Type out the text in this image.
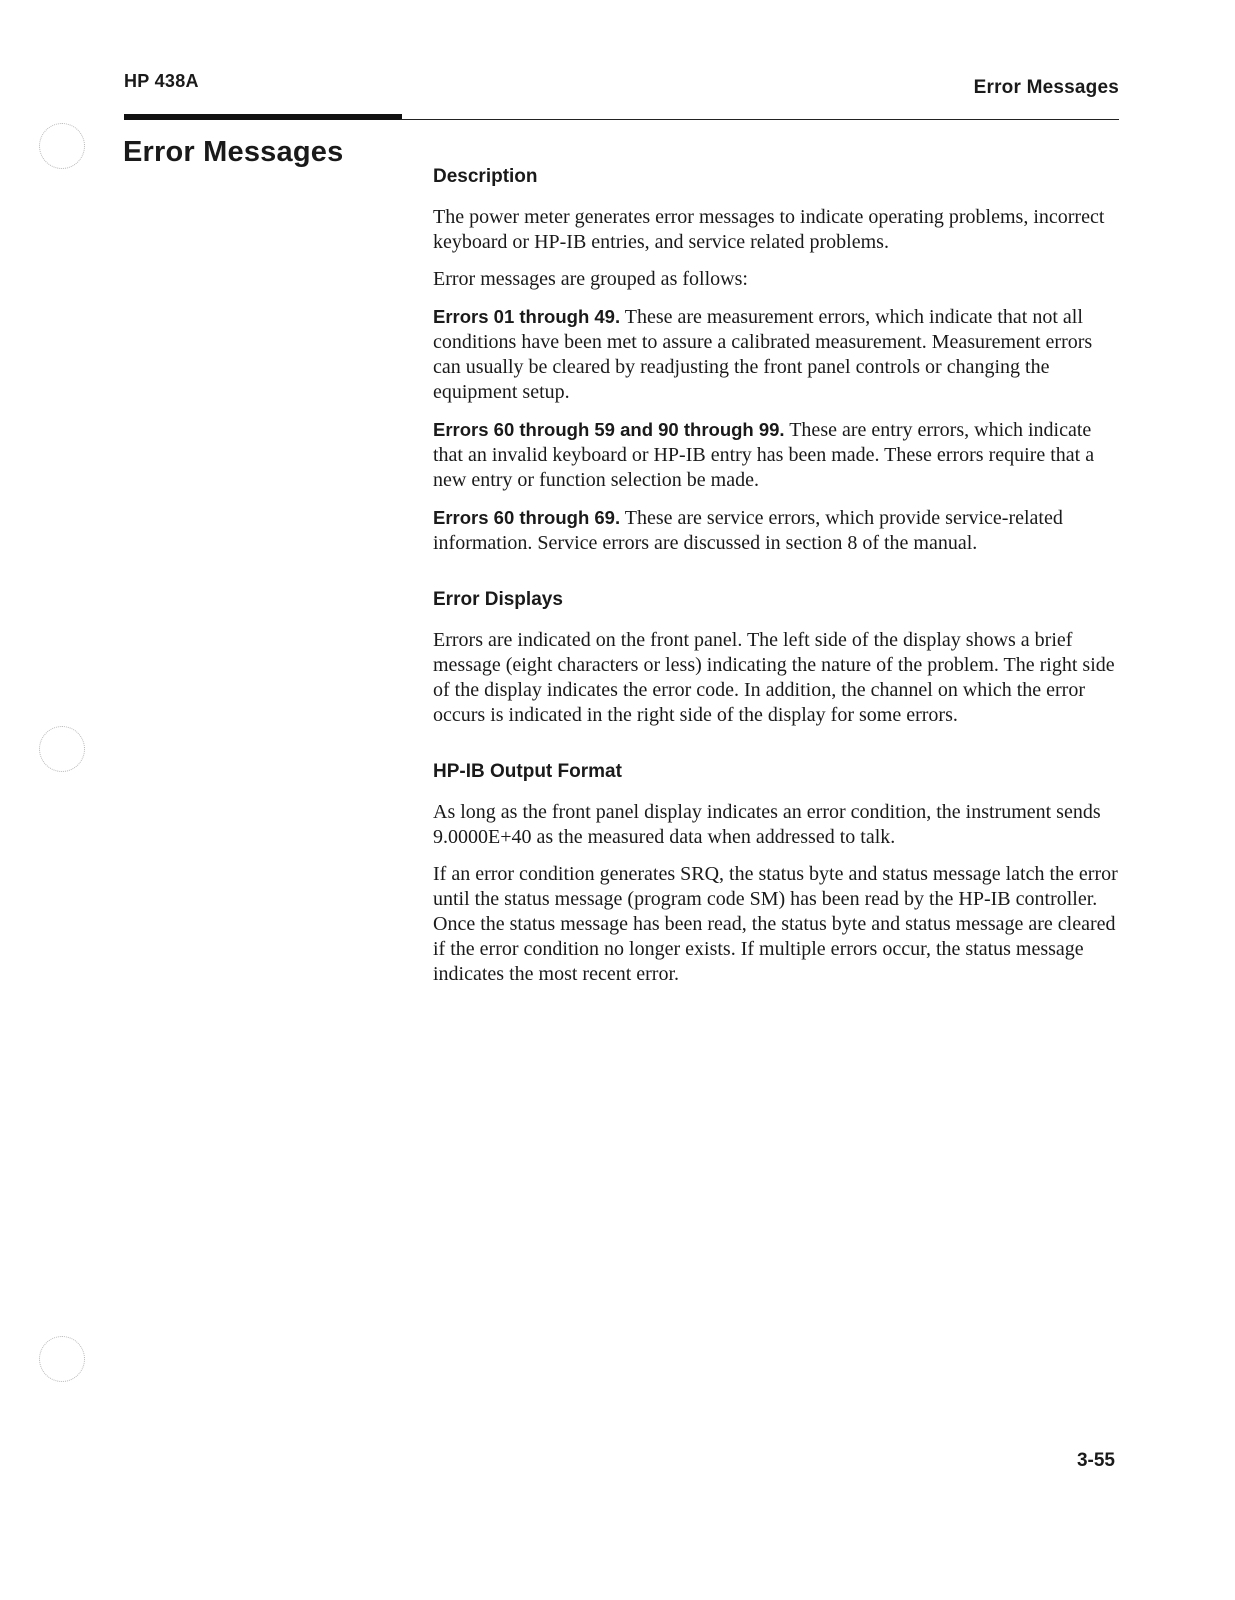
HP 438A	Error Messages
Error Messages
Description

The power meter generates error messages to indicate operating problems, incorrect keyboard or HP-IB entries, and service related problems.

Error messages are grouped as follows:

Errors 01 through 49. These are measurement errors, which indicate that not all conditions have been met to assure a calibrated measurement. Measurement errors can usually be cleared by readjusting the front panel controls or changing the equipment setup.

Errors 60 through 59 and 90 through 99. These are entry errors, which indicate that an invalid keyboard or HP-IB entry has been made. These errors require that a new entry or function selection be made.

Errors 60 through 69. These are service errors, which provide service-related information. Service errors are discussed in section 8 of the manual.

Error Displays

Errors are indicated on the front panel. The left side of the display shows a brief message (eight characters or less) indicating the nature of the problem. The right side of the display indicates the error code. In addition, the channel on which the error occurs is indicated in the right side of the display for some errors.

HP-IB Output Format

As long as the front panel display indicates an error condition, the instrument sends 9.0000E+40 as the measured data when addressed to talk.

If an error condition generates SRQ, the status byte and status message latch the error until the status message (program code SM) has been read by the HP-IB controller. Once the status message has been read, the status byte and status message are cleared if the error condition no longer exists. If multiple errors occur, the status message indicates the most recent error.

3-55
